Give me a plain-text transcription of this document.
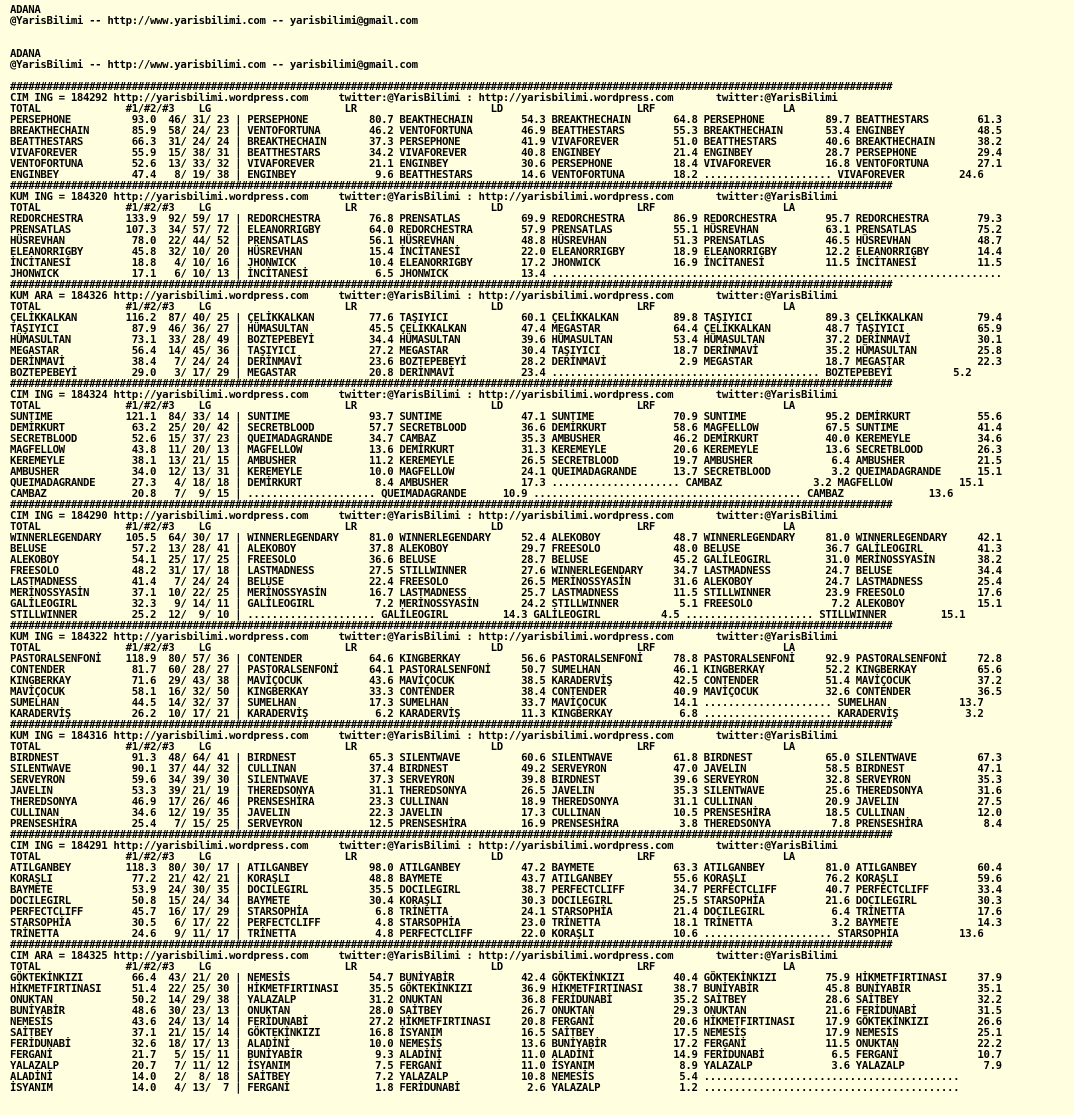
ADANA
@YarisBilimi -- http://www.yarisbilimi.com -- yarisbilimi@gmail.com
ADANA
@YarisBilimi -- http://www.yarisbilimi.com -- yarisbilimi@gmail.com
#################################################################################################################################################
CIM ING = 184292 http://yarisbilimi.wordpress.com     twitter:@YarisBilimi : http://yarisbilimi.wordpress.com       twitter:@YarisBilimi
TOTAL              #1/#2/#3    LG                      LR                      LD                      LRF                     LA
PERSEPHONE          93.0  46/ 31/ 23 | PERSEPHONE          80.7 BEAKTHECHAIN        54.3 BREAKTHECHAIN       64.8 PERSEPHONE          89.7 BEATTHESTARS        61.3
BREAKTHECHAIN       85.9  58/ 24/ 23 | VENTOFORTUNA        46.2 VENTOFORTUNA        46.9 BEATTHESTARS        55.3 BREAKTHECHAIN       53.4 ENGINBEY            48.5
BEATTHESTARS        66.3  31/ 24/ 24 | BREAKTHECHAIN       37.3 PERSEPHONE          41.9 VIVAFOREVER         51.0 BEATTHESTARS        40.6 BREAKTHECHAIN       38.2
VIVAFOREVER         55.9  15/ 38/ 31 | BEATTHESTARS        34.2 VIVAFOREVER         40.8 ENGINBEY            21.4 ENGINBEY            28.7 PERSEPHONE          29.4
VENTOFORTUNA        52.6  13/ 33/ 32 | VIVAFOREVER         21.1 ENGINBEY            30.6 PERSEPHONE          18.4 VIVAFOREVER         16.8 VENTOFORTUNA        27.1
ENGINBEY            47.4   8/ 19/ 38 | ENGINBEY             9.6 BEATTHESTARS        14.6 VENTOFORTUNA        18.2 ..................... VIVAFOREVER         24.6
#################################################################################################################################################
KUM ING = 184320 http://yarisbilimi.wordpress.com     twitter:@YarisBilimi : http://yarisbilimi.wordpress.com       twitter:@YarisBilimi
TOTAL              #1/#2/#3    LG                      LR                      LD                      LRF                     LA
REDORCHESTRA       133.9  92/ 59/ 17 | REDORCHESTRA        76.8 PRENSATLAS          69.9 REDORCHESTRA        86.9 REDORCHESTRA        95.7 REDORCHESTRA        79.3
PRENSATLAS         107.3  34/ 57/ 72 | ELEANORRIGBY        64.0 REDORCHESTRA        57.9 PRENSATLAS          55.1 HÜSREVHAN           63.1 PRENSATLAS          75.2
HÜSREVHAN           78.0  22/ 44/ 52 | PRENSATLAS          56.1 HÜSREVHAN           48.8 HÜSREVHAN           51.3 PRENSATLAS          46.5 HÜSREVHAN           48.7
ELEANORRIGBY        45.8  32/ 10/ 20 | HÜSREVHAN           15.4 İNCİTANESİ          22.0 ELEANORRIGBY        18.9 ELEANORRIGBY        12.2 ELEANORRIGBY        14.4
İNCİTANESİ          18.8   4/ 10/ 16 | JHONWICK            10.4 ELEANORRIGBY        17.2 JHONWICK            16.9 İNCİTANESİ          11.5 İNCİTANESİ          11.5
JHONWICK            17.1   6/ 10/ 13 | İNCİTANESİ           6.5 JHONWICK            13.4 ..........................................................................
#################################################################################################################################################
KUM ARA = 184326 http://yarisbilimi.wordpress.com     twitter:@YarisBilimi : http://yarisbilimi.wordpress.com       twitter:@YarisBilimi
TOTAL              #1/#2/#3    LG                      LR                      LD                      LRF                     LA
ÇELİKKALKAN        116.2  87/ 40/ 25 | ÇELİKKALKAN         77.6 TAŞIYICI            60.1 ÇELİKKALKAN         89.8 TAŞIYICI            89.3 ÇELİKKALKAN         79.4
TAŞIYICI            87.9  46/ 36/ 27 | HÜMASULTAN          45.5 ÇELİKKALKAN         47.4 MEGASTAR            64.4 ÇELİKKALKAN         48.7 TAŞIYICI            65.9
HÜMASULTAN          73.1  33/ 28/ 49 | BOZTEPEBEYİ         34.4 HÜMASULTAN          39.6 HÜMASULTAN          53.4 HÜMASULTAN          37.2 DERİNMAVİ           30.1
MEGASTAR            56.4  14/ 45/ 36 | TAŞIYICI            27.2 MEGASTAR            30.4 TAŞIYICI            18.7 DERİNMAVİ           35.2 HÜMASULTAN          25.8
DERİNMAVİ           38.4   7/ 24/ 24 | DERİNMAVİ           23.6 BOZTEPEBEYİ         28.2 DERİNMAVİ            2.9 MEGASTAR            18.7 MEGASTAR            22.3
BOZTEPEBEYİ         29.0   3/ 17/ 29 | MEGASTAR            20.8 DERİNMAVİ           23.4 ............................................ BOZTEPEBEYİ          5.2
#################################################################################################################################################
CIM ING = 184324 http://yarisbilimi.wordpress.com     twitter:@YarisBilimi : http://yarisbilimi.wordpress.com       twitter:@YarisBilimi
TOTAL              #1/#2/#3    LG                      LR                      LD                      LRF                     LA
SUNTIME            121.1  84/ 33/ 14 | SUNTIME             93.7 SUNTIME             47.1 SUNTIME             70.9 SUNTIME             95.2 DEMİRKURT           55.6
DEMİRKURT           63.2  25/ 20/ 42 | SECRETBLOOD         57.7 SECRETBLOOD         36.6 DEMİRKURT           58.6 MAGFELLOW           67.5 SUNTIME             41.4
SECRETBLOOD         52.6  15/ 37/ 23 | QUEIMADAGRANDE      34.7 CAMBAZ              35.3 AMBUSHER            46.2 DEMİRKURT           40.0 KEREMEYLE           34.6
MAGFELLOW           43.8  11/ 20/ 13 | MAGFELLOW           13.6 DEMİRKURT           31.3 KEREMEYLE           20.6 KEREMEYLE           13.6 SECRETBLOOD         26.3
KEREMEYLE           38.1  13/ 21/ 15 | AMBUSHER            11.2 KEREMEYLE           26.5 SECRETBLOOD         19.7 AMBUSHER             6.4 AMBUSHER            21.5
AMBUSHER            34.0  12/ 13/ 31 | KEREMEYLE           10.0 MAGFELLOW           24.1 QUEIMADAGRANDE      13.7 SECRETBLOOD          3.2 QUEIMADAGRANDE      15.1
QUEIMADAGRANDE      27.3   4/ 18/ 18 | DEMİRKURT            8.4 AMBUSHER            17.3 ..................... CAMBAZ               3.2 MAGFELLOW           15.1
CAMBAZ              20.8   7/  9/ 15 | ..................... QUEIMADAGRANDE      10.9 ............................................ CAMBAZ              13.6
#################################################################################################################################################
CIM ING = 184290 http://yarisbilimi.wordpress.com     twitter:@YarisBilimi : http://yarisbilimi.wordpress.com       twitter:@YarisBilimi
TOTAL              #1/#2/#3    LG                      LR                      LD                      LRF                     LA
WINNERLEGENDARY    105.5  64/ 30/ 17 | WINNERLEGENDARY     81.0 WINNERLEGENDARY     52.4 ALEKOBOY            48.7 WINNERLEGENDARY     81.0 WINNERLEGENDARY     42.1
BELUSE              57.2  13/ 28/ 41 | ALEKOBOY            37.8 ALEKOBOY            29.7 FREESOLO            48.0 BELUSE              36.7 GALİLEOGIRL         41.3
ALEKOBOY            54.1  25/ 17/ 25 | FREESOLO            36.6 BELUSE              28.7 BELUSE              45.2 GALİLEOGIRL         31.0 MERİNOSSYASİN       38.2
FREESOLO            48.2  31/ 17/ 18 | LASTMADNESS         27.5 STILLWINNER         27.6 WINNERLEGENDARY     34.7 LASTMADNESS         24.7 BELUSE              34.4
LASTMADNESS         41.4   7/ 24/ 24 | BELUSE              22.4 FREESOLO            26.5 MERİNOSSYASİN       31.6 ALEKOBOY            24.7 LASTMADNESS         25.4
MERİNOSSYASİN       37.1  10/ 22/ 25 | MERİNOSSYASİN       16.7 LASTMADNESS         25.7 LASTMADNESS         11.5 STILLWINNER         23.9 FREESOLO            17.6
GALİLEOGIRL         32.3   9/ 14/ 11 | GALİLEOGIRL          7.2 MERİNOSSYASİN       24.2 STILLWINNER          5.1 FREESOLO             7.2 ALEKOBOY            15.1
STILLWINNER         25.2  12/  9/ 10 | ..................... GALİLEOGIRL         14.3 GALİLEOGIRL          4.5 ..................... STILLWINNER         15.1
#################################################################################################################################################
KUM ING = 184322 http://yarisbilimi.wordpress.com     twitter:@YarisBilimi : http://yarisbilimi.wordpress.com       twitter:@YarisBilimi
TOTAL              #1/#2/#3    LG                      LR                      LD                      LRF                     LA
PASTORALSENFONİ    118.9  80/ 57/ 36 | CONTENDER           64.6 KINGBERKAY          56.6 PASTORALSENFONİ     78.8 PASTORALSENFONİ     92.9 PASTORALSENFONİ     72.8
CONTENDER           81.7  60/ 28/ 27 | PASTORALSENFONİ     64.1 PASTORALSENFONİ     50.7 SUMELHAN            46.1 KINGBERKAY          52.2 KINGBERKAY          65.6
KINGBERKAY          71.6  29/ 43/ 38 | MAVİÇOCUK           43.6 MAVİÇOCUK           38.5 KARADERVİŞ          42.5 CONTENDER           51.4 MAVİÇOCUK           37.2
MAVİÇOCUK           58.1  16/ 32/ 50 | KINGBERKAY          33.3 CONTENDER           38.4 CONTENDER           40.9 MAVİÇOCUK           32.6 CONTENDER           36.5
SUMELHAN            44.5  14/ 32/ 37 | SUMELHAN            17.3 SUMELHAN            33.7 MAVİÇOCUK           14.1 ..................... SUMELHAN            13.7
KARADERVİŞ          26.2  10/ 17/ 21 | KARADERVİŞ           6.2 KARADERVİŞ          11.3 KINGBERKAY           6.8 ..................... KARADERVİŞ           3.2
#################################################################################################################################################
KUM ING = 184316 http://yarisbilimi.wordpress.com     twitter:@YarisBilimi : http://yarisbilimi.wordpress.com       twitter:@YarisBilimi
TOTAL              #1/#2/#3    LG                      LR                      LD                      LRF                     LA
BIRDNEST            91.3  48/ 64/ 41 | BIRDNEST            65.3 SILENTWAVE          60.6 SILENTWAVE          61.8 BIRDNEST            65.0 SILENTWAVE          67.3
SILENTWAVE          90.1  37/ 44/ 32 | CULLINAN            37.4 BIRDNEST            49.2 SERVEYRON           47.0 JAVELIN             58.5 BIRDNEST            47.1
SERVEYRON           59.6  34/ 39/ 30 | SILENTWAVE          37.3 SERVEYRON           39.8 BIRDNEST            39.6 SERVEYRON           32.8 SERVEYRON           35.3
JAVELIN             53.3  39/ 21/ 19 | THEREDSONYA         31.1 THEREDSONYA         26.5 JAVELIN             35.3 SILENTWAVE          25.6 THEREDSONYA         31.6
THEREDSONYA         46.9  17/ 26/ 46 | PRENSESHİRA         23.3 CULLINAN            18.9 THEREDSONYA         31.1 CULLINAN            20.9 JAVELIN             27.5
CULLINAN            34.6  12/ 19/ 35 | JAVELIN             22.3 JAVELIN             17.3 CULLINAN            10.5 PRENSESHİRA         18.5 CULLINAN            12.0
PRENSESHİRA         25.4   7/ 15/ 25 | SERVEYRON           12.5 PRENSESHİRA         16.9 PRENSESHİRA          3.8 THEREDSONYA          7.8 PRENSESHİRA          8.4
#################################################################################################################################################
CIM ING = 184291 http://yarisbilimi.wordpress.com     twitter:@YarisBilimi : http://yarisbilimi.wordpress.com       twitter:@YarisBilimi
TOTAL              #1/#2/#3    LG                      LR                      LD                      LRF                     LA
ATILGANBEY         118.3  80/ 30/ 17 | ATILGANBEY          98.0 ATILGANBEY          47.2 BAYMETE             63.3 ATILGANBEY          81.0 ATILGANBEY          60.4
KORAŞLI             77.2  21/ 42/ 21 | KORAŞLI             48.8 BAYMETE             43.7 ATILGANBEY          55.6 KORAŞLI             76.2 KORAŞLI             59.6
BAYMETE             53.9  24/ 30/ 35 | DOCILEGIRL          35.5 DOCILEGIRL          38.7 PERFECTCLIFF        34.7 PERFECTCLIFF        40.7 PERFECTCLIFF        33.4
DOCILEGIRL          50.8  15/ 24/ 34 | BAYMETE             30.4 KORAŞLI             30.3 DOCILEGIRL          25.5 STARSOPHİA          21.6 DOCILEGIRL          30.3
PERFECTCLIFF        45.7  16/ 17/ 29 | STARSOPHİA           6.8 TRİNETTA            24.1 STARSOPHİA          21.4 DOCILEGIRL           6.4 TRİNETTA            17.6
STARSOPHİA          30.5   6/ 17/ 22 | PERFECTCLIFF         4.8 STARSOPHİA          23.0 TRİNETTA            18.1 TRİNETTA             3.2 BAYMETE             14.3
TRİNETTA            24.6   9/ 11/ 17 | TRİNETTA             4.8 PERFECTCLIFF        22.0 KORAŞLI             10.6 ..................... STARSOPHİA          13.6
#################################################################################################################################################
CIM ARA = 184325 http://yarisbilimi.wordpress.com     twitter:@YarisBilimi : http://yarisbilimi.wordpress.com       twitter:@YarisBilimi
TOTAL              #1/#2/#3    LG                      LR                      LD                      LRF                     LA
GÖKTEKİNKIZI        66.4  43/ 21/ 20 | NEMESİS             54.7 BUNİYABİR           42.4 GÖKTEKİNKIZI        40.4 GÖKTEKİNKIZI        75.9 HİKMETFIRTINASI     37.9
HİKMETFIRTINASI     51.4  22/ 25/ 30 | HİKMETFIRTINASI     35.5 GÖKTEKİNKIZI        36.9 HİKMETFIRTINASI     38.7 BUNİYABİR           45.8 BUNİYABİR           35.1
ONUKTAN             50.2  14/ 29/ 38 | YALAZALP            31.2 ONUKTAN             36.8 FERİDUNABİ          35.2 SAİTBEY             28.6 SAİTBEY             32.2
BUNİYABİR           48.6  30/ 23/ 13 | ONUKTAN             28.0 SAİTBEY             26.7 ONUKTAN             29.3 ONUKTAN             21.6 FERİDUNABİ          31.5
NEMESİS             43.6  24/ 13/ 14 | FERİDUNABİ          27.2 HİKMETFIRTINASI     20.8 FERGANİ             20.6 HİKMETFIRTINASI     17.9 GÖKTEKİNKIZI        26.6
SAİTBEY             37.1  21/ 15/ 14 | GÖKTEKİNKIZI        16.8 İSYANIM             16.5 SAİTBEY             17.5 NEMESİS             17.9 NEMESİS             25.1
FERİDUNABİ          32.6  18/ 17/ 13 | ALADİNİ             10.0 NEMESİS             13.6 BUNİYABİR           17.2 FERGANİ             11.5 ONUKTAN             22.2
FERGANİ             21.7   5/ 15/ 11 | BUNİYABİR            9.3 ALADİNİ             11.0 ALADİNİ             14.9 FERİDUNABİ           6.5 FERGANİ             10.7
YALAZALP            20.7   7/ 11/ 12 | İSYANIM              7.5 FERGANİ             11.0 İSYANIM              8.9 YALAZALP             3.6 YALAZALP             7.9
ALADİNİ             14.0   2/  8/ 18 | SAİTBEY              7.2 YALAZALP            10.8 NEMESİS              5.4 ..........................................
İSYANIM             14.0   4/ 13/  7 | FERGANİ              1.8 FERİDUNABİ           2.6 YALAZALP             1.2 ..........................................
